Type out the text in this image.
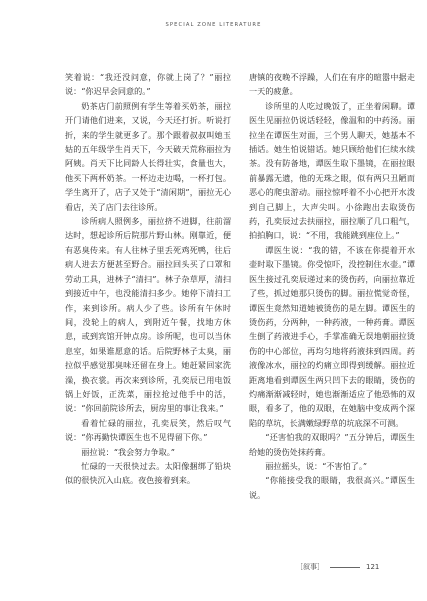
SPECIAL ZONE LITERATURE

笑着说：“我还没问意，你就上岗了？”丽拉说：“你迟早会同意的。”

奶茶店门前照例有学生等着买奶茶，丽拉开门请他们进来，又说，今天还打折。听说打折，来的学生就更多了。那个跟着叔叔叫她玉姑的五年级学生肖天下，今天破天荒称丽拉为阿姨。肖天下比同龄人长得壮实，食量也大，他买下两杯奶茶。一杯边走边喝，一杯打包。学生离开了，店子又处于“清闲期”，丽拉无心看店，关了店门去往诊所。

诊所病人照例多，丽拉挤不进脚，往前溜达时，想起诊所后院那片野山林。刚靠近，便有恶臭传来。有人往林子里丢死鸡死鸭，往后病人进去方便甚至野合。丽拉回头买了口罩和劳动工具，进林子“清扫”。林子杂草厚，清扫到接近中午，也没能清扫多少。她停下清扫工作，来到诊所。病人少了些。诊所有午休时间，没轮上的病人，到附近午餐，找地方休息，或到宾馆开钟点房。诊所呢，也可以当休息室，如果谁愿意的话。后院野林子太臭，丽拉似乎感觉那臭味还留在身上。她赶紧回家洗澡，换衣裳。再次来到诊所，孔奕辰已用电饭锅上好饭，正洗菜，丽拉抢过他手中的活，说：“你回前院诊所去，厨房里的事让我来。”

看着忙碌的丽拉，孔奕辰笑，然后叹气说：“你再勤快谭医生也不见得留下你。”

丽拉说：“我会努力争取。”

忙碌的一天很快过去。太阳像捆绑了铅块似的很快沉入山底。夜色接着到来。

唐镇的夜晚不浮躁，人们在有序的暄嚣中据走一天的疲惫。

诊所里的人吃过晚饭了，正坐着闲聊。谭医生见丽拉仍说话轻轻，像温和的中药汤。丽拉坐在谭医生对面，三个男人聊天，她基本不插话。她生怕说错话。她只顾给他们仨续水续茶。没有防备地，谭医生取下墨镜，在丽拉眼前暴露无遗，他的无珠之眼，似有两只丑陋而恶心的爬虫游动。丽拉惊呼着不小心把开水泼到自己脚上，大声尖叫。小徐跑出去取烫伤药，孔奕辰过去扶丽拉，丽拉顺了几口粗气，拍拍胸口，说：“不用，我能跳到座位上。”

谭医生说：“我的错，不该在你提着开水壶时取下墨镜。你受惊吓，没控制住水壶。”谭医生接过孔奕辰递过来的烫伤药，向丽拉靠近了些，抓过她那只烫伤的脚。丽拉慌觉奇怪，谭医生竟然知道她被烫伤的是左脚。谭医生的烫伤药，分两种，一种药液，一种药膏。谭医生倒了药液进手心，手掌准确无误地朝丽拉烫伤的中心部位，再均匀地将药液抹到四周。药液像冰水，丽拉的灼痛立即得到缓解。丽拉近距离地看到谭医生两只凹下去的眼睛，烫伤的灼痛渐渐减轻时，她也渐渐适应了他恐怖的双眼，看多了，他的双眼，在她脑中变成两个深陷的草坑，长满嫩绿野草的坑底深不可测。

“还害怕我的双眼吗？”五分钟后，谭医生给她的烫伤处抹药膏。

丽拉摇头，说：“不害怕了。”

“你能接受我的眼睛，我很高兴。”谭医生说。

［叙事］	121
